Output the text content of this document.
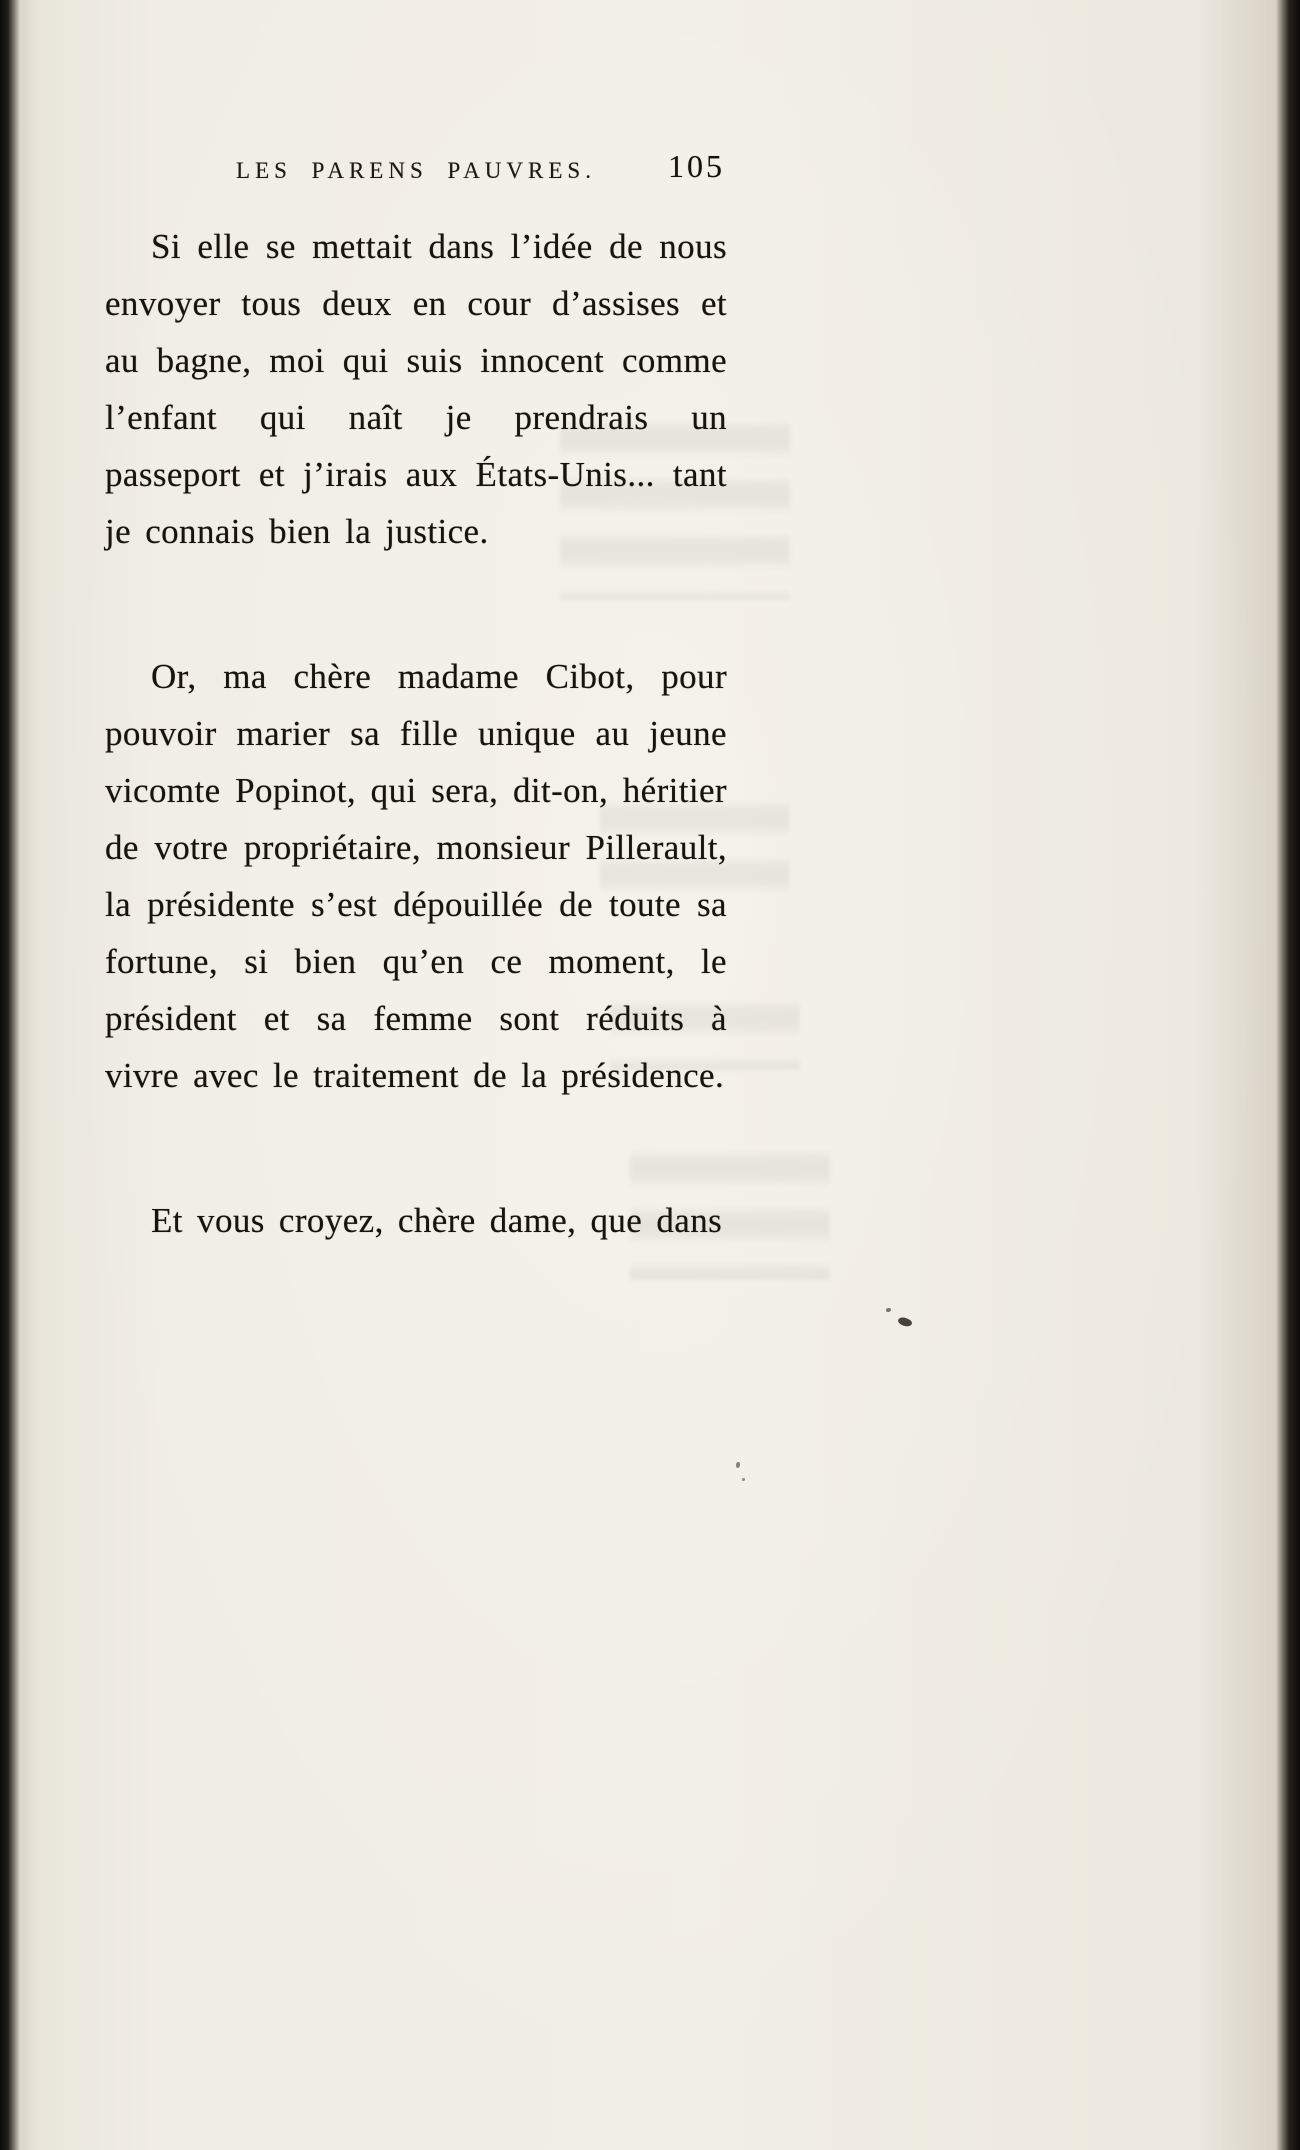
LES PARENS PAUVRES. 105

Si elle se mettait dans l’idée de nous envoyer tous deux en cour d’assises et au bagne, moi qui suis innocent comme l’enfant qui naît je prendrais un passeport et j’irais aux États-Unis... tant je connais bien la justice.

Or, ma chère madame Cibot, pour pouvoir marier sa fille unique au jeune vicomte Popinot, qui sera, dit-on, héritier de votre propriétaire, monsieur Pillerault, la présidente s’est dépouillée de toute sa fortune, si bien qu’en ce moment, le président et sa femme sont réduits à vivre avec le traitement de la présidence.

Et vous croyez, chère dame, que dans
